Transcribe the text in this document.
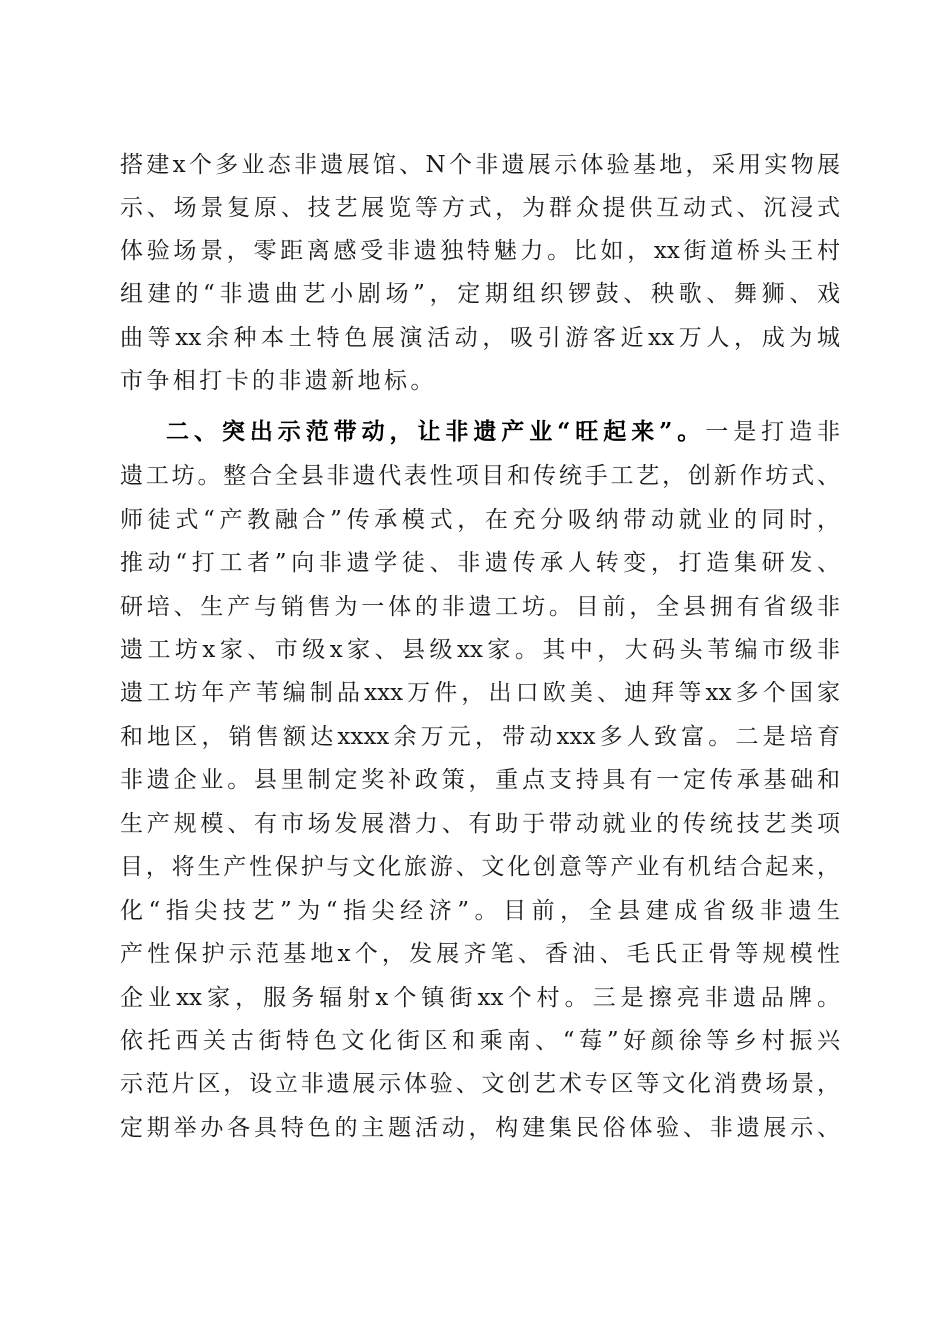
搭建x个多业态非遗展馆、N个非遗展示体验基地，采用实物展
示、场景复原、技艺展览等方式，为群众提供互动式、沉浸式
体验场景，零距离感受非遗独特魅力。比如，xx街道桥头王村
组建的“非遗曲艺小剧场”，定期组织锣鼓、秧歌、舞狮、戏
曲等xx余种本土特色展演活动，吸引游客近xx万人，成为城
市争相打卡的非遗新地标。
二、突出示范带动，让非遗产业“旺起来”。一是打造非
遗工坊。整合全县非遗代表性项目和传统手工艺，创新作坊式、
师徒式“产教融合”传承模式，在充分吸纳带动就业的同时，
推动“打工者”向非遗学徒、非遗传承人转变，打造集研发、
研培、生产与销售为一体的非遗工坊。目前，全县拥有省级非
遗工坊x家、市级x家、县级xx家。其中，大码头苇编市级非
遗工坊年产苇编制品xxx万件，出口欧美、迪拜等xx多个国家
和地区，销售额达xxxx余万元，带动xxx多人致富。二是培育
非遗企业。县里制定奖补政策，重点支持具有一定传承基础和
生产规模、有市场发展潜力、有助于带动就业的传统技艺类项
目，将生产性保护与文化旅游、文化创意等产业有机结合起来，
化“指尖技艺”为“指尖经济”。目前，全县建成省级非遗生
产性保护示范基地x个，发展齐笔、香油、毛氏正骨等规模性
企业xx家，服务辐射x个镇街xx个村。三是擦亮非遗品牌。
依托西关古街特色文化街区和乘南、“莓”好颜徐等乡村振兴
示范片区，设立非遗展示体验、文创艺术专区等文化消费场景，
定期举办各具特色的主题活动，构建集民俗体验、非遗展示、
